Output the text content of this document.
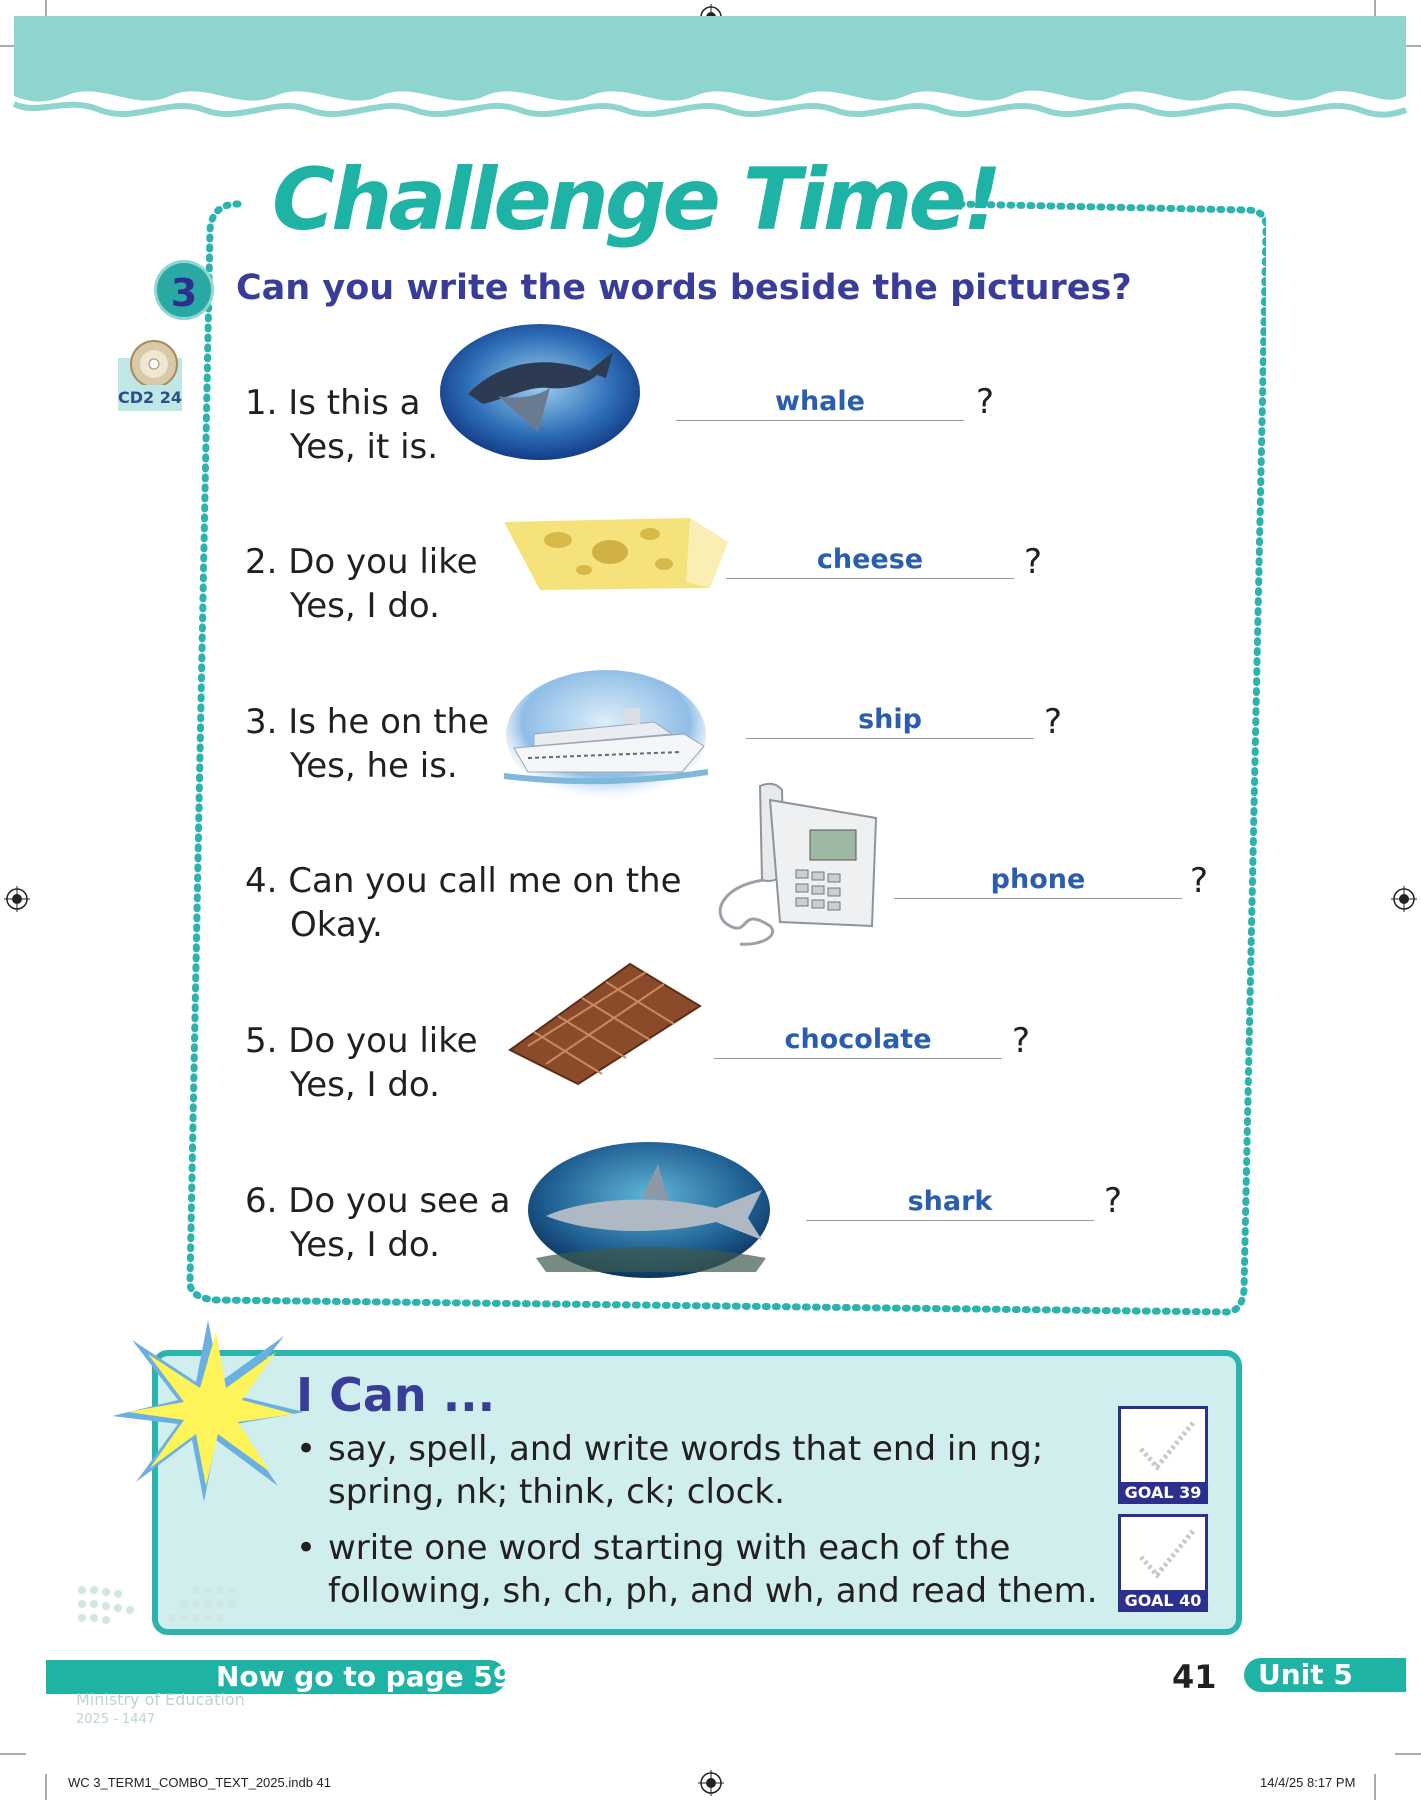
Challenge Time!
3	Can you write the words beside the pictures?
CD2 24 1. Is this a
Yes, it is.
whale	?
2. Do you like
Yes, I do.
cheese	?
3. Is he on the
Yes, he is.
ship	?
4. Can you call me on the
Okay.
phone	?
5. Do you like
Yes, I do.
chocolate	?
6. Do you see a
Yes, I do.
shark	?
I Can ...
• say, spell, and write words that end in ng;
spring, nk; think, ck; clock.
• write one word starting with each of the
following, sh, ch, ph, and wh, and read them.
GOAL 39
GOAL 40
Now go to page 59
Ministry of Education
2025 - 1447
41	Unit 5
WC 3_TERM1_COMBO_TEXT_2025.indb 41	14/4/25 8:17 PM
